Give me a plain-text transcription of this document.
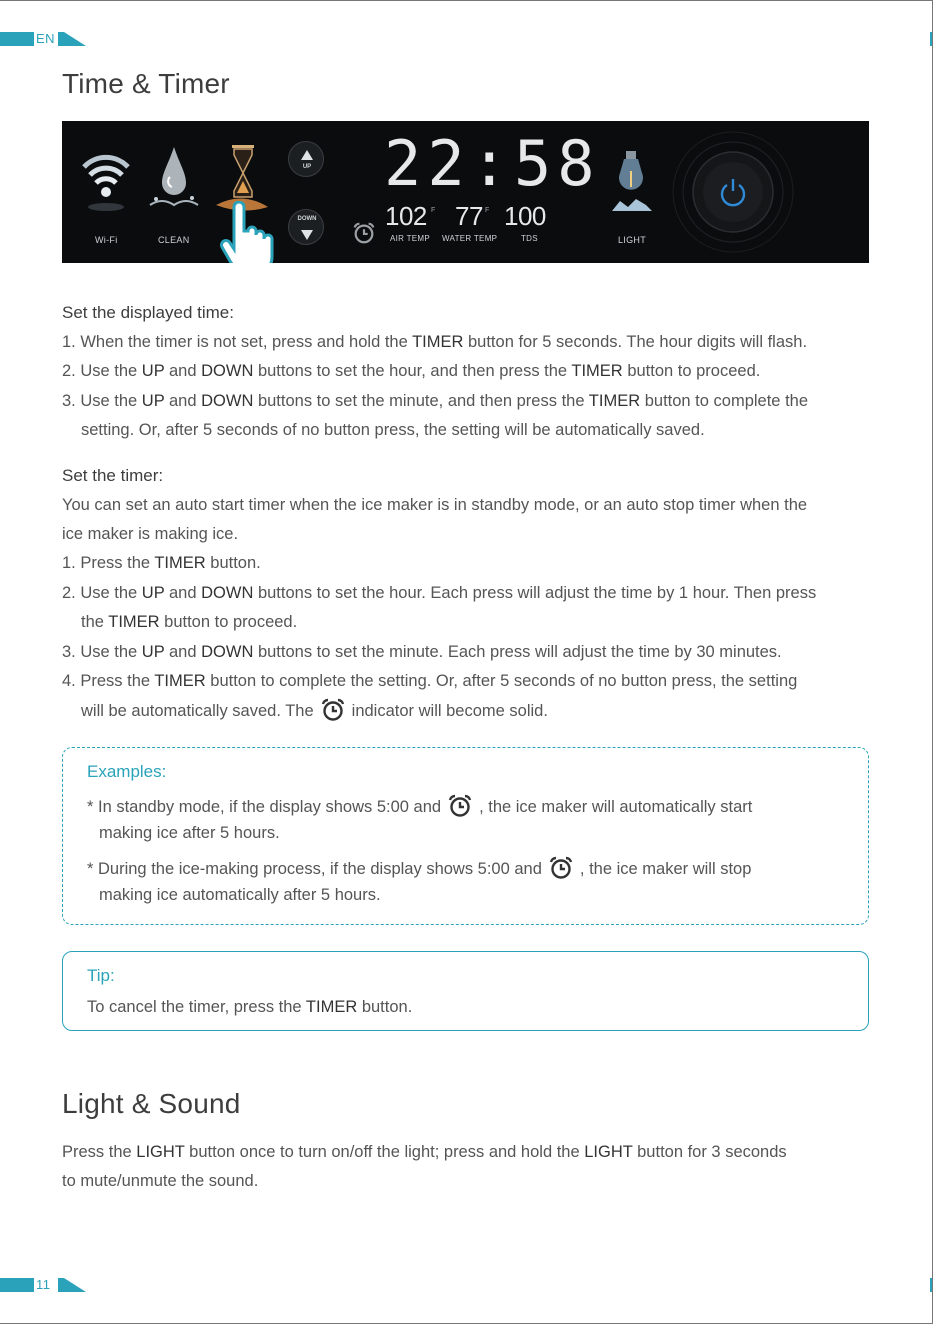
EN
Time & Timer
Wi-Fi	CLEAN
UP
DOWN
22:58
102 F 77 F 100
AIR TEMP WATER TEMP	TDS	LIGHT
Set the displayed time:
1. When the timer is not set, press and hold the TIMER button for 5 seconds. The hour digits will flash.
2. Use the UP and DOWN buttons to set the hour, and then press the TIMER button to proceed.
3. Use the UP and DOWN buttons to set the minute, and then press the TIMER button to complete the
setting. Or, after 5 seconds of no button press, the setting will be automatically saved.
Set the timer:
You can set an auto start timer when the ice maker is in standby mode, or an auto stop timer when the
ice maker is making ice.
1. Press the TIMER button.
2. Use the UP and DOWN buttons to set the hour. Each press will adjust the time by 1 hour. Then press
the TIMER button to proceed.
3. Use the UP and DOWN buttons to set the minute. Each press will adjust the time by 30 minutes.
4. Press the TIMER button to complete the setting. Or, after 5 seconds of no button press, the setting
will be automatically saved. The indicator will become solid.
Examples:
* In standby mode, if the display shows 5:00 and , the ice maker will automatically start
making ice after 5 hours.
* During the ice-making process, if the display shows 5:00 and , the ice maker will stop
making ice automatically after 5 hours.
Tip:
To cancel the timer, press the TIMER button.
Light & Sound
Press the LIGHT button once to turn on/off the light; press and hold the LIGHT button for 3 seconds
to mute/unmute the sound.
11
